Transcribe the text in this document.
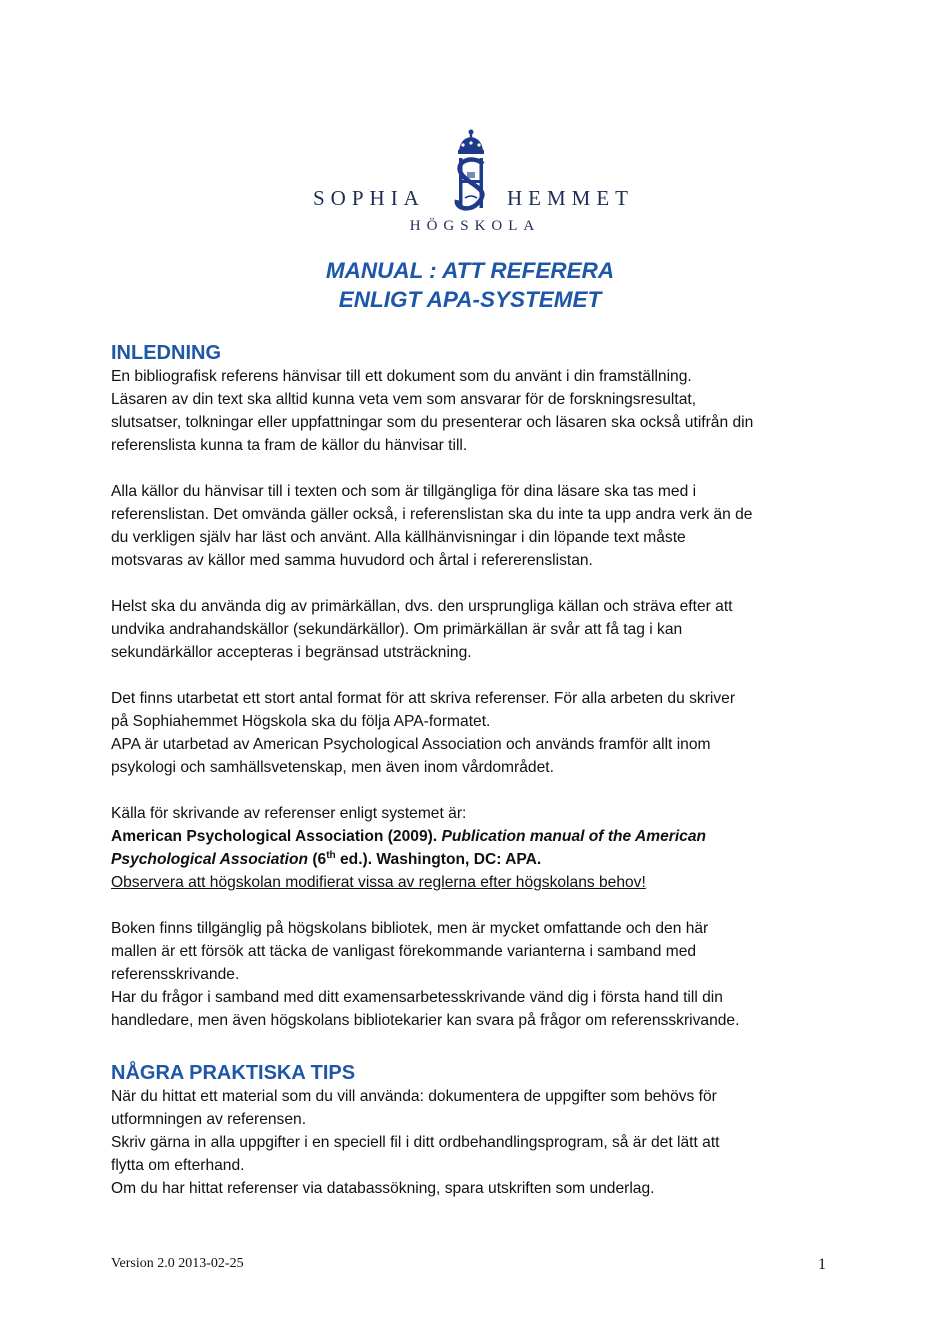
SOPHIA	HEMMET
HÖGSKOLA
MANUAL : ATT REFERERA
ENLIGT APA-SYSTEMET
INLEDNING
En bibliografisk referens hänvisar till ett dokument som du använt i din framställning.
Läsaren av din text ska alltid kunna veta vem som ansvarar för de forskningsresultat,
slutsatser, tolkningar eller uppfattningar som du presenterar och läsaren ska också utifrån din
referenslista kunna ta fram de källor du hänvisar till.
Alla källor du hänvisar till i texten och som är tillgängliga för dina läsare ska tas med i
referenslistan. Det omvända gäller också, i referenslistan ska du inte ta upp andra verk än de
du verkligen själv har läst och använt. Alla källhänvisningar i din löpande text måste
motsvaras av källor med samma huvudord och årtal i refererenslistan.
Helst ska du använda dig av primärkällan, dvs. den ursprungliga källan och sträva efter att
undvika andrahandskällor (sekundärkällor). Om primärkällan är svår att få tag i kan
sekundärkällor accepteras i begränsad utsträckning.
Det finns utarbetat ett stort antal format för att skriva referenser. För alla arbeten du skriver
på Sophiahemmet Högskola ska du följa APA-formatet.
APA är utarbetad av American Psychological Association och används framför allt inom
psykologi och samhällsvetenskap, men även inom vårdområdet.
Källa för skrivande av referenser enligt systemet är:
American Psychological Association (2009). Publication manual of the American
Psychological Association (6th ed.). Washington, DC: APA.
Observera att högskolan modifierat vissa av reglerna efter högskolans behov!
Boken finns tillgänglig på högskolans bibliotek, men är mycket omfattande och den här
mallen är ett försök att täcka de vanligast förekommande varianterna i samband med
referensskrivande.
Har du frågor i samband med ditt examensarbetesskrivande vänd dig i första hand till din
handledare, men även högskolans bibliotekarier kan svara på frågor om referensskrivande.
NÅGRA PRAKTISKA TIPS
När du hittat ett material som du vill använda: dokumentera de uppgifter som behövs för
utformningen av referensen.
Skriv gärna in alla uppgifter i en speciell fil i ditt ordbehandlingsprogram, så är det lätt att
flytta om efterhand.
Om du har hittat referenser via databassökning, spara utskriften som underlag.
Version 2.0 2013-02-25	1
